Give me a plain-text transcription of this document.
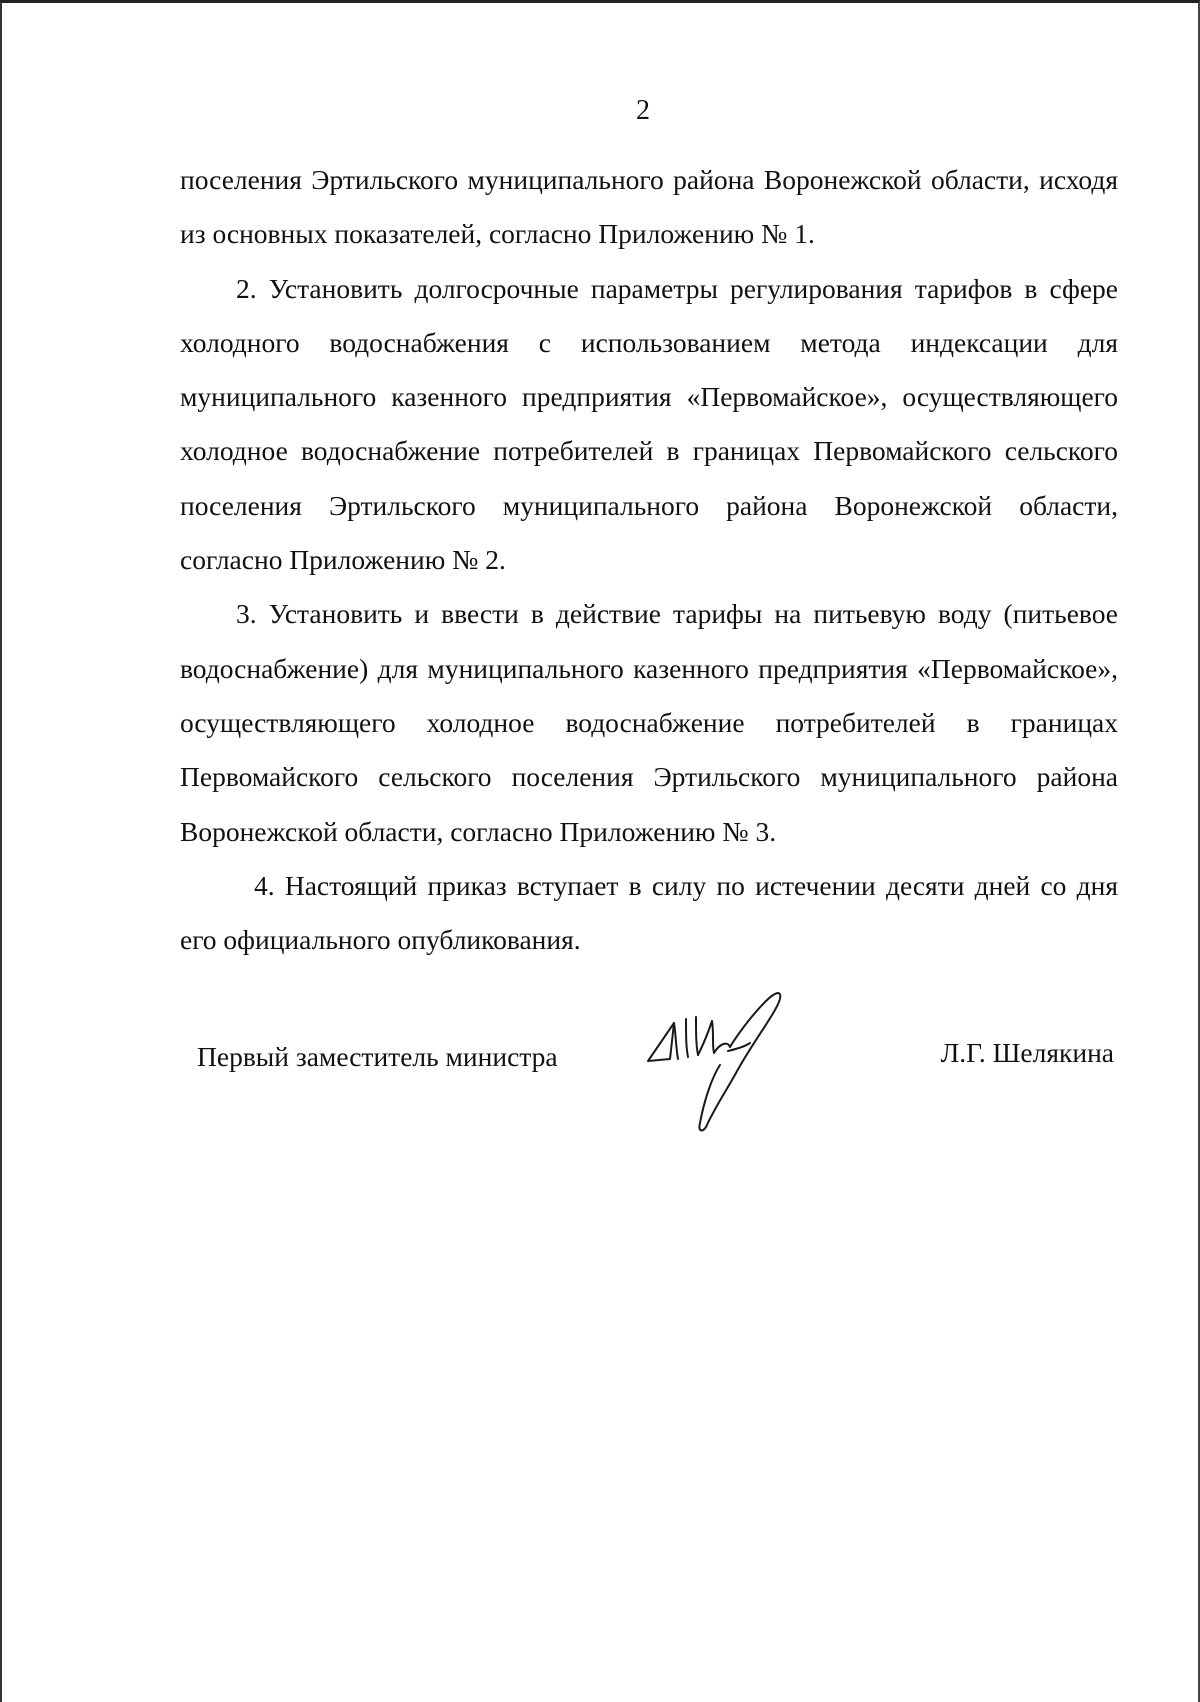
2

поселения Эртильского муниципального района Воронежской области, исходя из основных показателей, согласно Приложению № 1.

2. Установить долгосрочные параметры регулирования тарифов в сфере холодного водоснабжения с использованием метода индексации для муниципального казенного предприятия «Первомайское», осуществляющего холодное водоснабжение потребителей в границах Первомайского сельского поселения Эртильского муниципального района Воронежской области, согласно Приложению № 2.

3. Установить и ввести в действие тарифы на питьевую воду (питьевое водоснабжение) для муниципального казенного предприятия «Первомайское», осуществляющего холодное водоснабжение потребителей в границах Первомайского сельского поселения Эртильского муниципального района Воронежской области, согласно Приложению № 3.

4. Настоящий приказ вступает в силу по истечении десяти дней со дня его официального опубликования.

Первый заместитель министра	Л.Г. Шелякина
